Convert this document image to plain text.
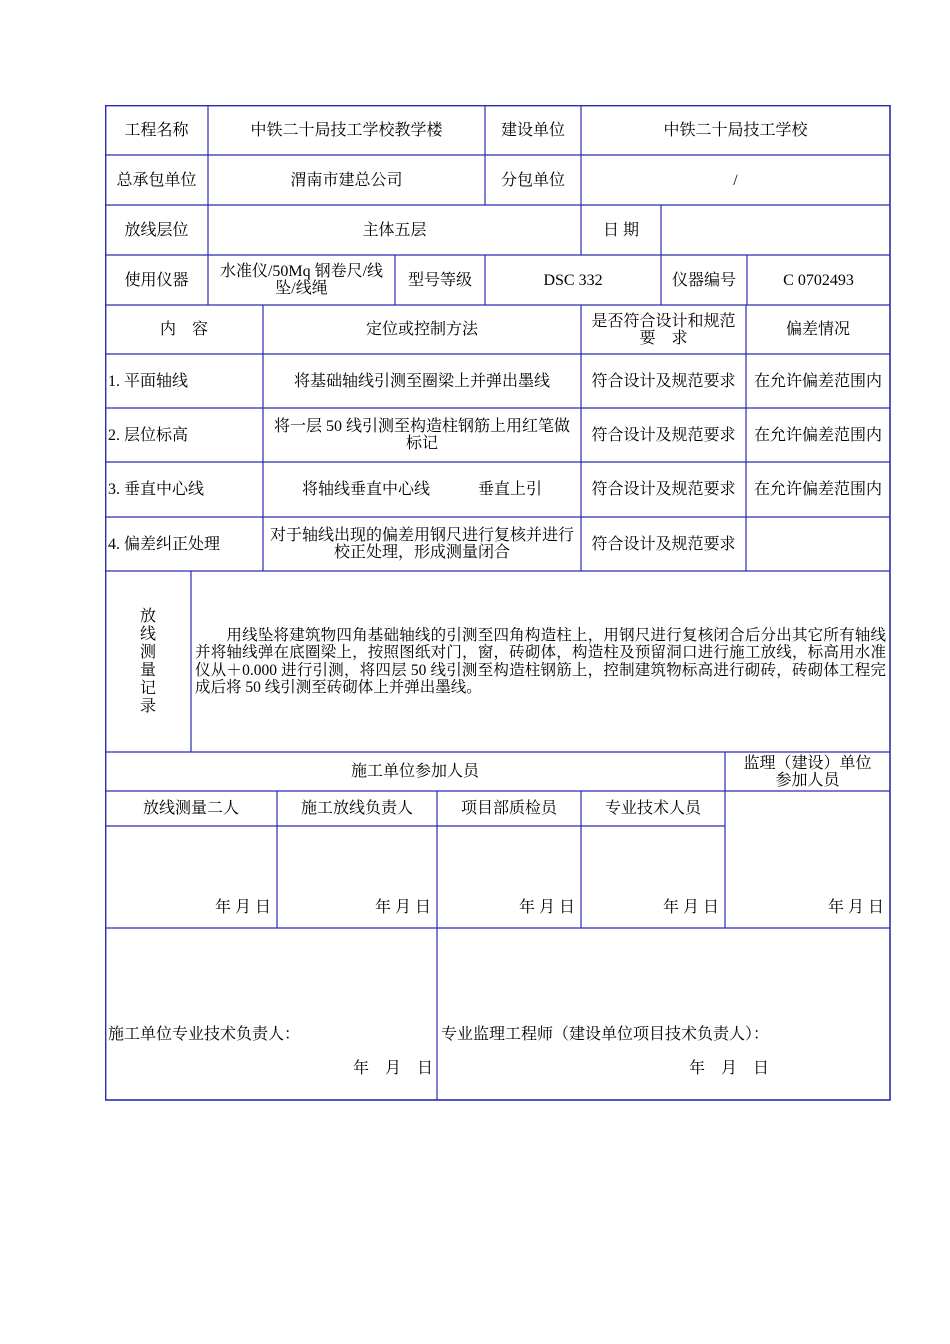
工程名称	中铁二十局技工学校教学楼	建设单位	中铁二十局技工学校
总承包单位	渭南市建总公司	分包单位	/
放线层位	主体五层	日 期
使用仪器	水准仪/50Mq 钢卷尺/线坠/线绳	型号等级	DSC 332	仪器编号	C 0702493
内　容	定位或控制方法	是否符合设计和规范要　求	偏差情况
1. 平面轴线	将基础轴线引测至圈梁上并弹出墨线	符合设计及规范要求	在允许偏差范围内
2. 层位标高	将一层 50 线引测至构造柱钢筋上用红笔做标记	符合设计及规范要求	在允许偏差范围内
3. 垂直中心线	将轴线垂直中心线　　　垂直上引	符合设计及规范要求	在允许偏差范围内
4. 偏差纠正处理	对于轴线出现的偏差用钢尺进行复核并进行校正处理，形成测量闭合	符合设计及规范要求
放
线
测
量
记
录
　　用线坠将建筑物四角基础轴线的引测至四角构造柱上，用钢尺进行复核闭合后分出其它所有轴线并将轴线弹在底圈梁上，按照图纸对门，窗，砖砌体，构造柱及预留洞口进行施工放线，标高用水准仪从＋0.000 进行引测，将四层 50 线引测至构造柱钢筋上，控制建筑物标高进行砌砖，砖砌体工程完成后将 50 线引测至砖砌体上并弹出墨线。
施工单位参加人员	监理（建设）单位参加人员
放线测量二人	施工放线负责人	项目部质检员	专业技术人员
年 月 日	年 月 日	年 月 日	年 月 日	年 月 日
施工单位专业技术负责人：
年　月　日
专业监理工程师（建设单位项目技术负责人）：
年　月　日
